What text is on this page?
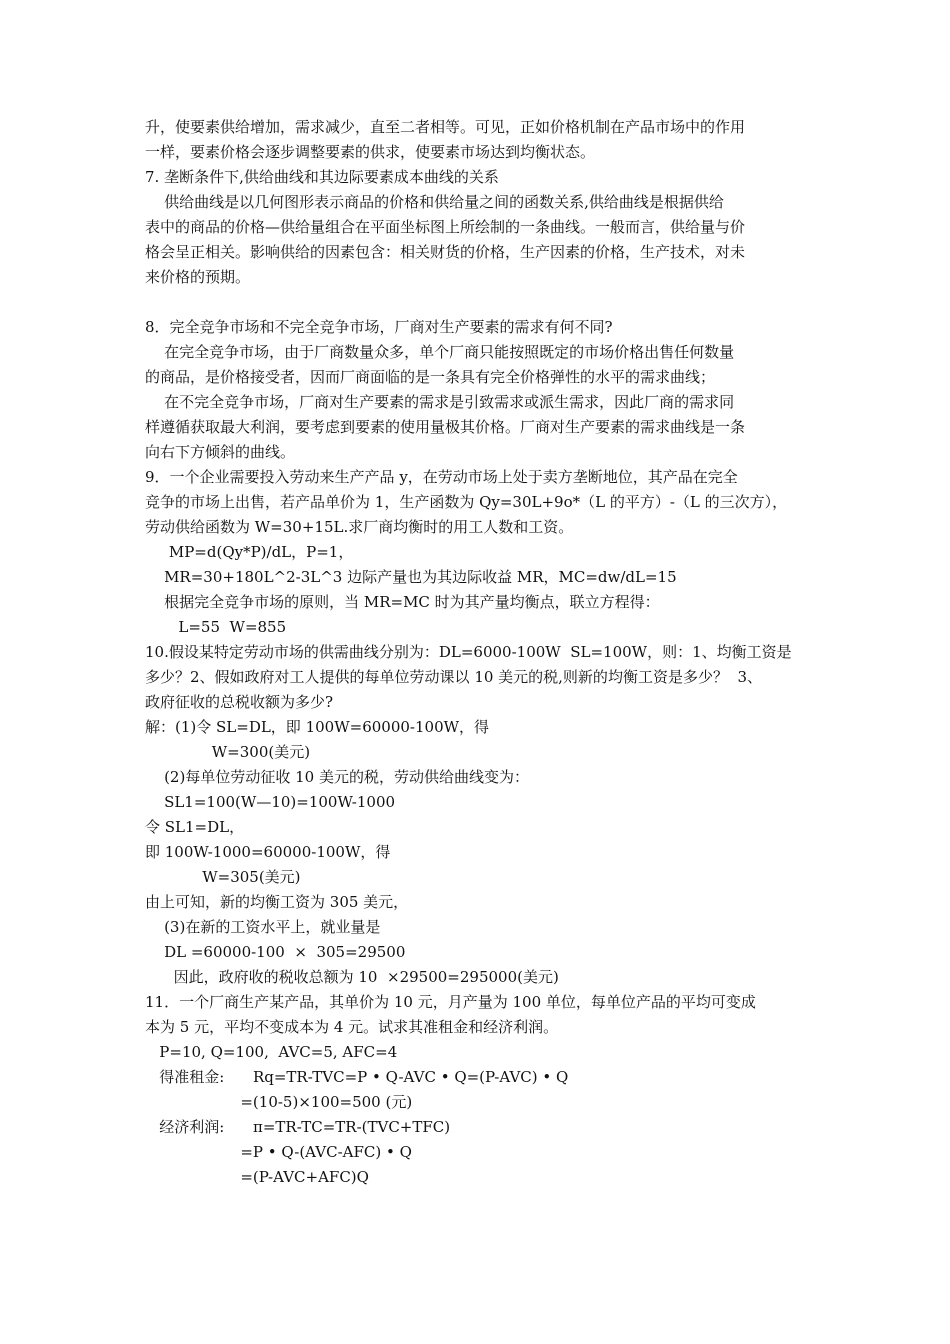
升，使要素供给增加，需求减少，直至二者相等。可见，正如价格机制在产品市场中的作用
一样，要素价格会逐步调整要素的供求，使要素市场达到均衡状态。
7. 垄断条件下,供给曲线和其边际要素成本曲线的关系
供给曲线是以几何图形表示商品的价格和供给量之间的函数关系,供给曲线是根据供给
表中的商品的价格—供给量组合在平面坐标图上所绘制的一条曲线。一般而言，供给量与价
格会呈正相关。影响供给的因素包含：相关财货的价格，生产因素的价格，生产技术，对未
来价格的预期。
8．完全竞争市场和不完全竞争市场，厂商对生产要素的需求有何不同?
在完全竞争市场，由于厂商数量众多，单个厂商只能按照既定的市场价格出售任何数量
的商品，是价格接受者，因而厂商面临的是一条具有完全价格弹性的水平的需求曲线；
在不完全竞争市场，厂商对生产要素的需求是引致需求或派生需求，因此厂商的需求同
样遵循获取最大利润，要考虑到要素的使用量极其价格。厂商对生产要素的需求曲线是一条
向右下方倾斜的曲线。
9．一个企业需要投入劳动来生产产品 y，在劳动市场上处于卖方垄断地位，其产品在完全
竞争的市场上出售，若产品单价为 1，生产函数为 Qy=30L+9o*（L 的平方）-（L 的三次方），
劳动供给函数为 W=30+15L.求厂商均衡时的用工人数和工资。
MP=d(Qy*P)/dL，P=1，
MR=30+180L^2-3L^3 边际产量也为其边际收益 MR，MC=dw/dL=15
根据完全竞争市场的原则，当 MR=MC 时为其产量均衡点，联立方程得：
L=55  W=855
10.假设某特定劳动市场的供需曲线分别为：DL=6000-100W  SL=100W，则：1、均衡工资是
多少？2、假如政府对工人提供的每单位劳动课以 10 美元的税,则新的均衡工资是多少？  3、
政府征收的总税收额为多少?
解：(1)令 SL=DL，即 100W=60000-100W，得
W=300(美元)
(2)每单位劳动征收 10 美元的税，劳动供给曲线变为：
SL1=100(W—10)=100W-1000
令 SL1=DL，
即 100W-1000=60000-100W，得
W=305(美元)
由上可知，新的均衡工资为 305 美元，
(3)在新的工资水平上，就业量是
DL =60000-100  ×  305=29500
因此，政府收的税收总额为 10  ×29500=295000(美元)
11．一个厂商生产某产品，其单价为 10 元，月产量为 100 单位，每单位产品的平均可变成
本为 5 元，平均不变成本为 4 元。试求其准租金和经济利润。
P=10, Q=100,  AVC=5, AFC=4
得准租金:      Rq=TR-TVC=P • Q-AVC • Q=(P-AVC) • Q
=(10-5)×100=500 (元)
经济利润:      π=TR-TC=TR-(TVC+TFC)
=P • Q-(AVC-AFC) • Q
=(P-AVC+AFC)Q
